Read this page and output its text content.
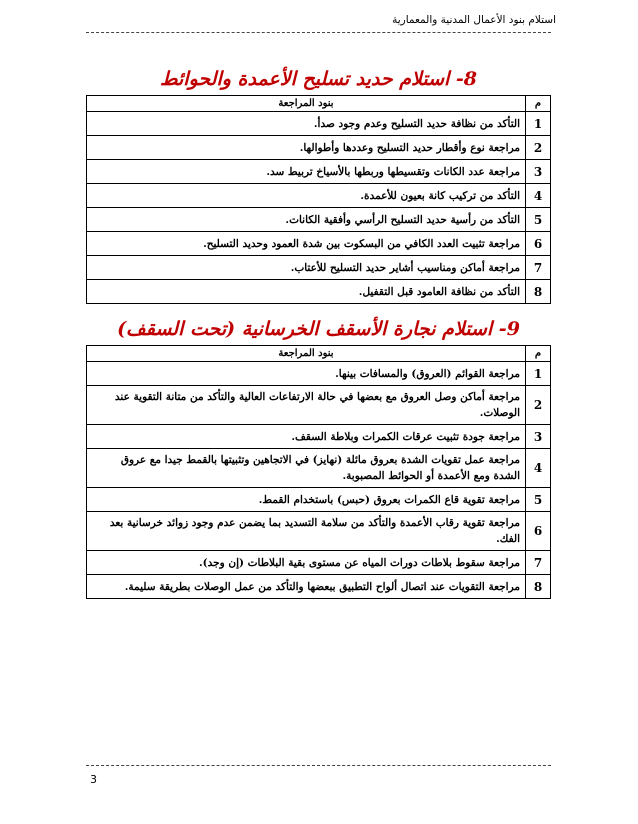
استلام بنود الأعمال المدنية والمعمارية
8- استلام حديد تسليح الأعمدة والحوائط
م	بنود المراجعة
1	التأكد من نظافة حديد التسليح وعدم وجود صدأ.
2	مراجعة نوع وأقطار حديد التسليح وعددها وأطوالها.
3	مراجعة عدد الكانات وتقسيطها وربطها بالأسياخ تربيط سد.
4	التأكد من تركيب كانة بعيون للأعمدة.
5	التأكد من رأسية حديد التسليح الرأسي وأفقية الكانات.
6	مراجعة تثبيت العدد الكافي من البسكوت بين شدة العمود وحديد التسليح.
7	مراجعة أماكن ومناسيب أشاير حديد التسليح للأعتاب.
8	التأكد من نظافة العامود قبل التقفيل.
9- استلام نجارة الأسقف الخرسانية (تحت السقف)
م	بنود المراجعة
1	مراجعة القوائم (العروق) والمسافات بينها.
2	مراجعة أماكن وصل العروق مع بعضها في حالة الارتفاعات العالية والتأكد من متانة التقوية عند الوصلات.
3	مراجعة جودة تثبيت عرقات الكمرات وبلاطة السقف.
4	مراجعة عمل تقويات الشدة بعروق مائلة (نهايز) في الاتجاهين وتثبيتها بالقمط جيدا مع عروق الشدة ومع الأعمدة أو الحوائط المصبوبة.
5	مراجعة تقوية قاع الكمرات بعروق (حبس) باستخدام القمط.
6	مراجعة تقوية رقاب الأعمدة والتأكد من سلامة التسديد بما يضمن عدم وجود زوائد خرسانية بعد الفك.
7	مراجعة سقوط بلاطات دورات المياه عن مستوى بقية البلاطات (إن وجد).
8	مراجعة التقويات عند اتصال ألواح التطبيق ببعضها والتأكد من عمل الوصلات بطريقة سليمة.
3
